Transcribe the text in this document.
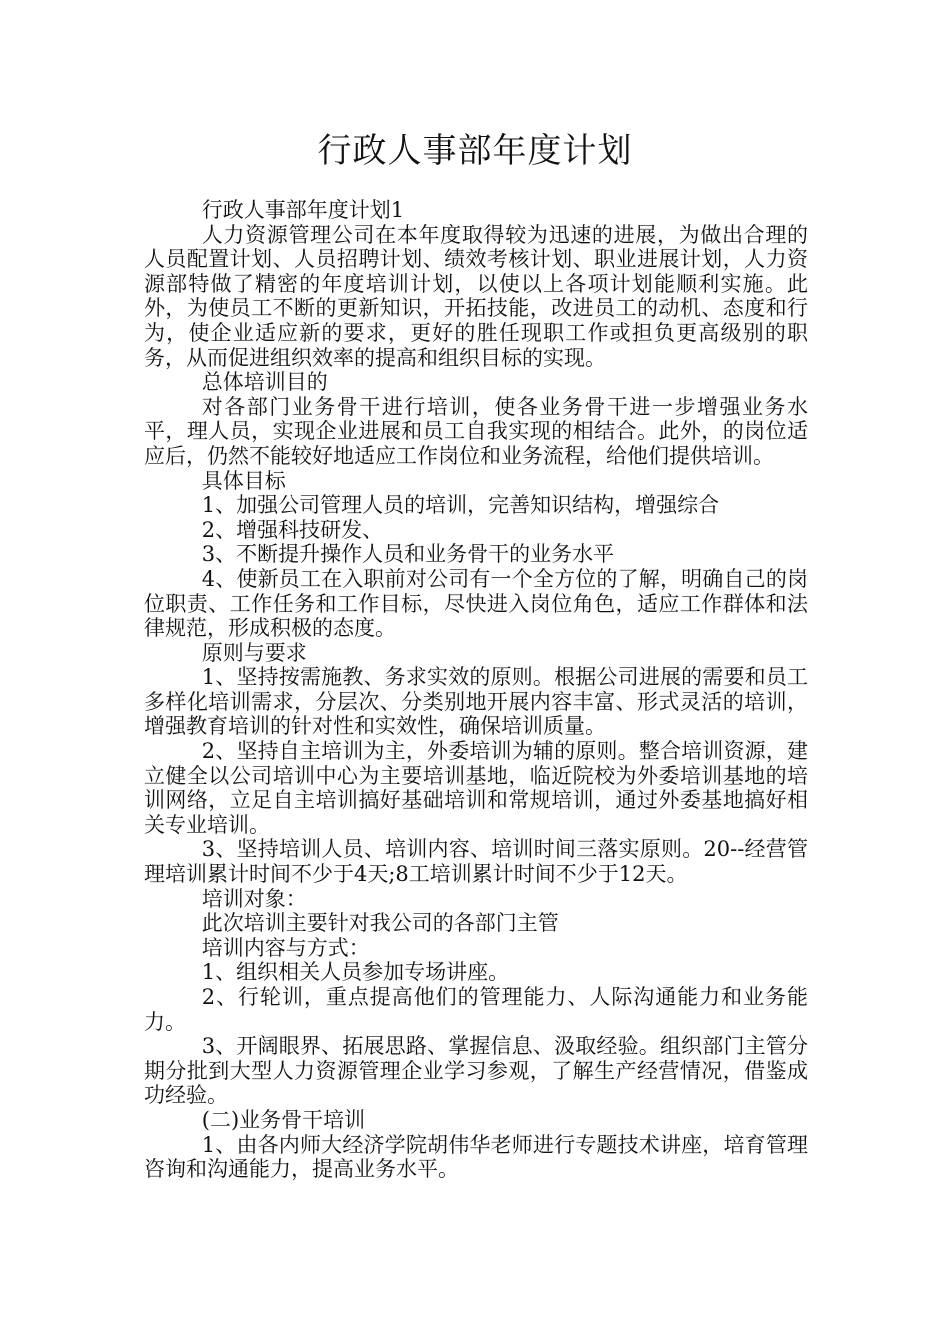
行政人事部年度计划

行政人事部年度计划1

人力资源管理公司在本年度取得较为迅速的进展，为做出合理的人员配置计划、人员招聘计划、绩效考核计划、职业进展计划，人力资源部特做了精密的年度培训计划，以使以上各项计划能顺利实施。此外，为使员工不断的更新知识，开拓技能，改进员工的动机、态度和行为，使企业适应新的要求，更好的胜任现职工作或担负更高级别的职务，从而促进组织效率的提高和组织目标的实现。

总体培训目的

对各部门业务骨干进行培训，使各业务骨干进一步增强业务水平，理人员，实现企业进展和员工自我实现的相结合。此外，的岗位适应后，仍然不能较好地适应工作岗位和业务流程，给他们提供培训。

具体目标

1、加强公司管理人员的培训，完善知识结构，增强综合

2、增强科技研发、

3、不断提升操作人员和业务骨干的业务水平

4、使新员工在入职前对公司有一个全方位的了解，明确自己的岗位职责、工作任务和工作目标，尽快进入岗位角色，适应工作群体和法律规范，形成积极的态度。

原则与要求

1、坚持按需施教、务求实效的原则。根据公司进展的需要和员工多样化培训需求，分层次、分类别地开展内容丰富、形式灵活的培训，增强教育培训的针对性和实效性，确保培训质量。

2、坚持自主培训为主，外委培训为辅的原则。整合培训资源，建立健全以公司培训中心为主要培训基地，临近院校为外委培训基地的培训网络，立足自主培训搞好基础培训和常规培训，通过外委基地搞好相关专业培训。

3、坚持培训人员、培训内容、培训时间三落实原则。20--经营管理培训累计时间不少于4天;8工培训累计时间不少于12天。

培训对象：

此次培训主要针对我公司的各部门主管

培训内容与方式：

1、组织相关人员参加专场讲座。

2、行轮训，重点提高他们的管理能力、人际沟通能力和业务能力。

3、开阔眼界、拓展思路、掌握信息、汲取经验。组织部门主管分期分批到大型人力资源管理企业学习参观，了解生产经营情况，借鉴成功经验。

(二)业务骨干培训

1、由各内师大经济学院胡伟华老师进行专题技术讲座，培育管理咨询和沟通能力，提高业务水平。
